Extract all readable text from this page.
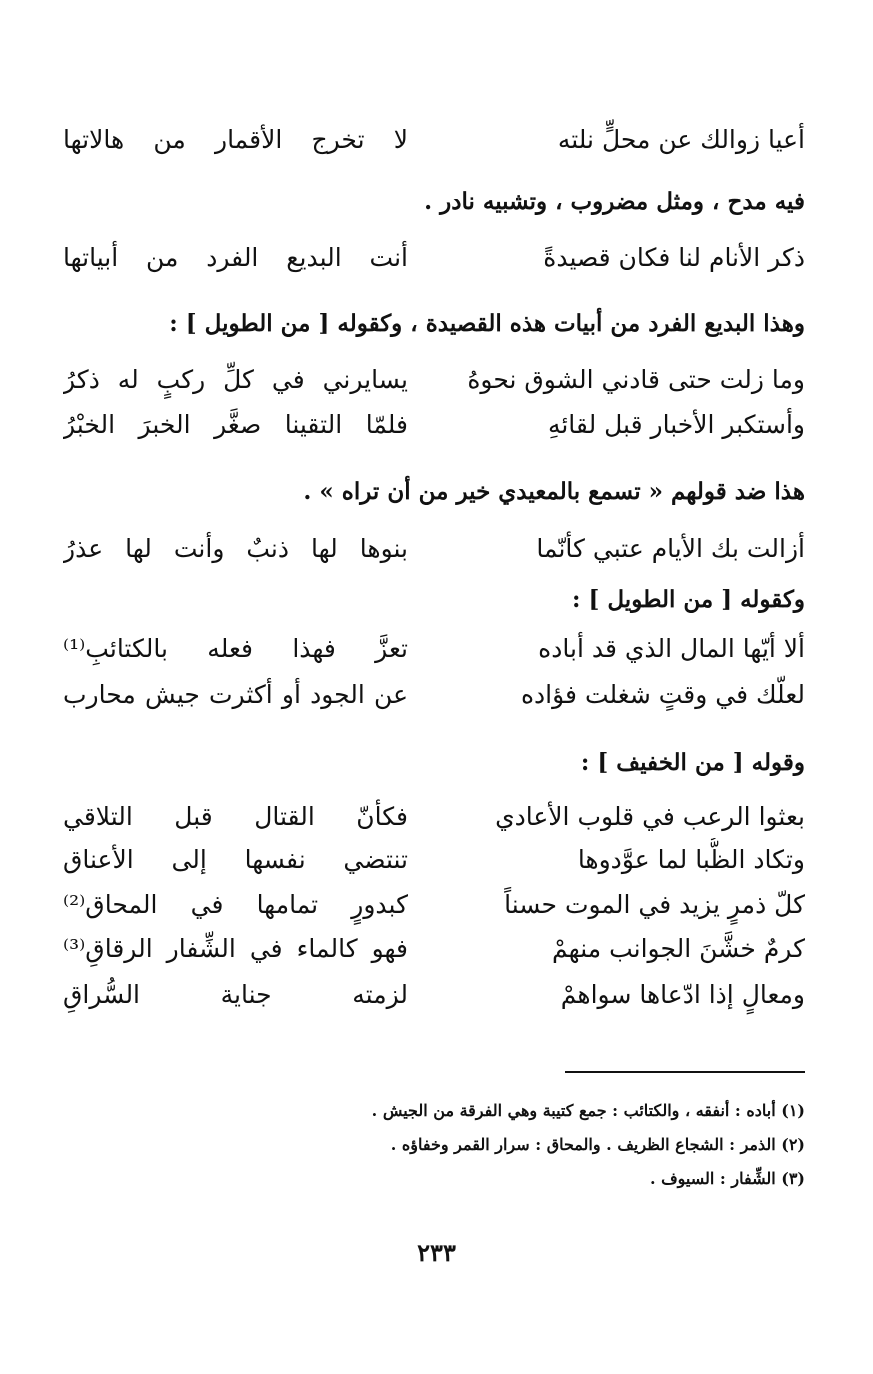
أعيا زوالك عن محلٍّ نلته
لا تخرج الأقمار من هالاتها
فيه مدح ، ومثل مضروب ، وتشبيه نادر .
ذكر الأنام لنا فكان قصيدةً
أنت البديع الفرد من أبياتها
وهذا البديع الفرد من أبيات هذه القصيدة ، وكقوله [ من الطويل ] :
وما زلت حتى قادني الشوق نحوهُ
يسايرني في كلِّ ركبٍ له ذكرُ
وأستكبر الأخبار قبل لقائهِ
فلمّا التقينا صغَّر الخبرَ الخبْرُ
هذا ضد قولهم « تسمع بالمعيدي خير من أن تراه » .
أزالت بك الأيام عتبي كأنّما
بنوها لها ذنبٌ وأنت لها عذرُ
وكقوله [ من الطويل ] :
ألا أيّها المال الذي قد أباده
تعزَّ فهذا فعله بالكتائبِ⁽¹⁾
لعلّك في وقتٍ شغلت فؤاده
عن الجود أو أكثرت جيش محارب
وقوله [ من الخفيف ] :
بعثوا الرعب في قلوب الأعادي
فكأنّ القتال قبل التلاقي
وتكاد الظُّبا لما عوَّدوها
تنتضي نفسها إلى الأعناق
كلّ ذمرٍ يزيد في الموت حسناً
كبدورٍ تمامها في المحاق⁽²⁾
كرمٌ خشَّنَ الجوانب منهمْ
فهو كالماء في الشِّفار الرقاقِ⁽³⁾
ومعالٍ إذا ادّعاها سواهمْ
لزمته جناية السُّراقِ
(١) أباده : أنفقه ، والكتائب : جمع كتيبة وهي الفرقة من الجيش .
(٢) الذمر : الشجاع الظريف . والمحاق : سرار القمر وخفاؤه .
(٣) الشِّفار : السيوف .
٢٣٣
